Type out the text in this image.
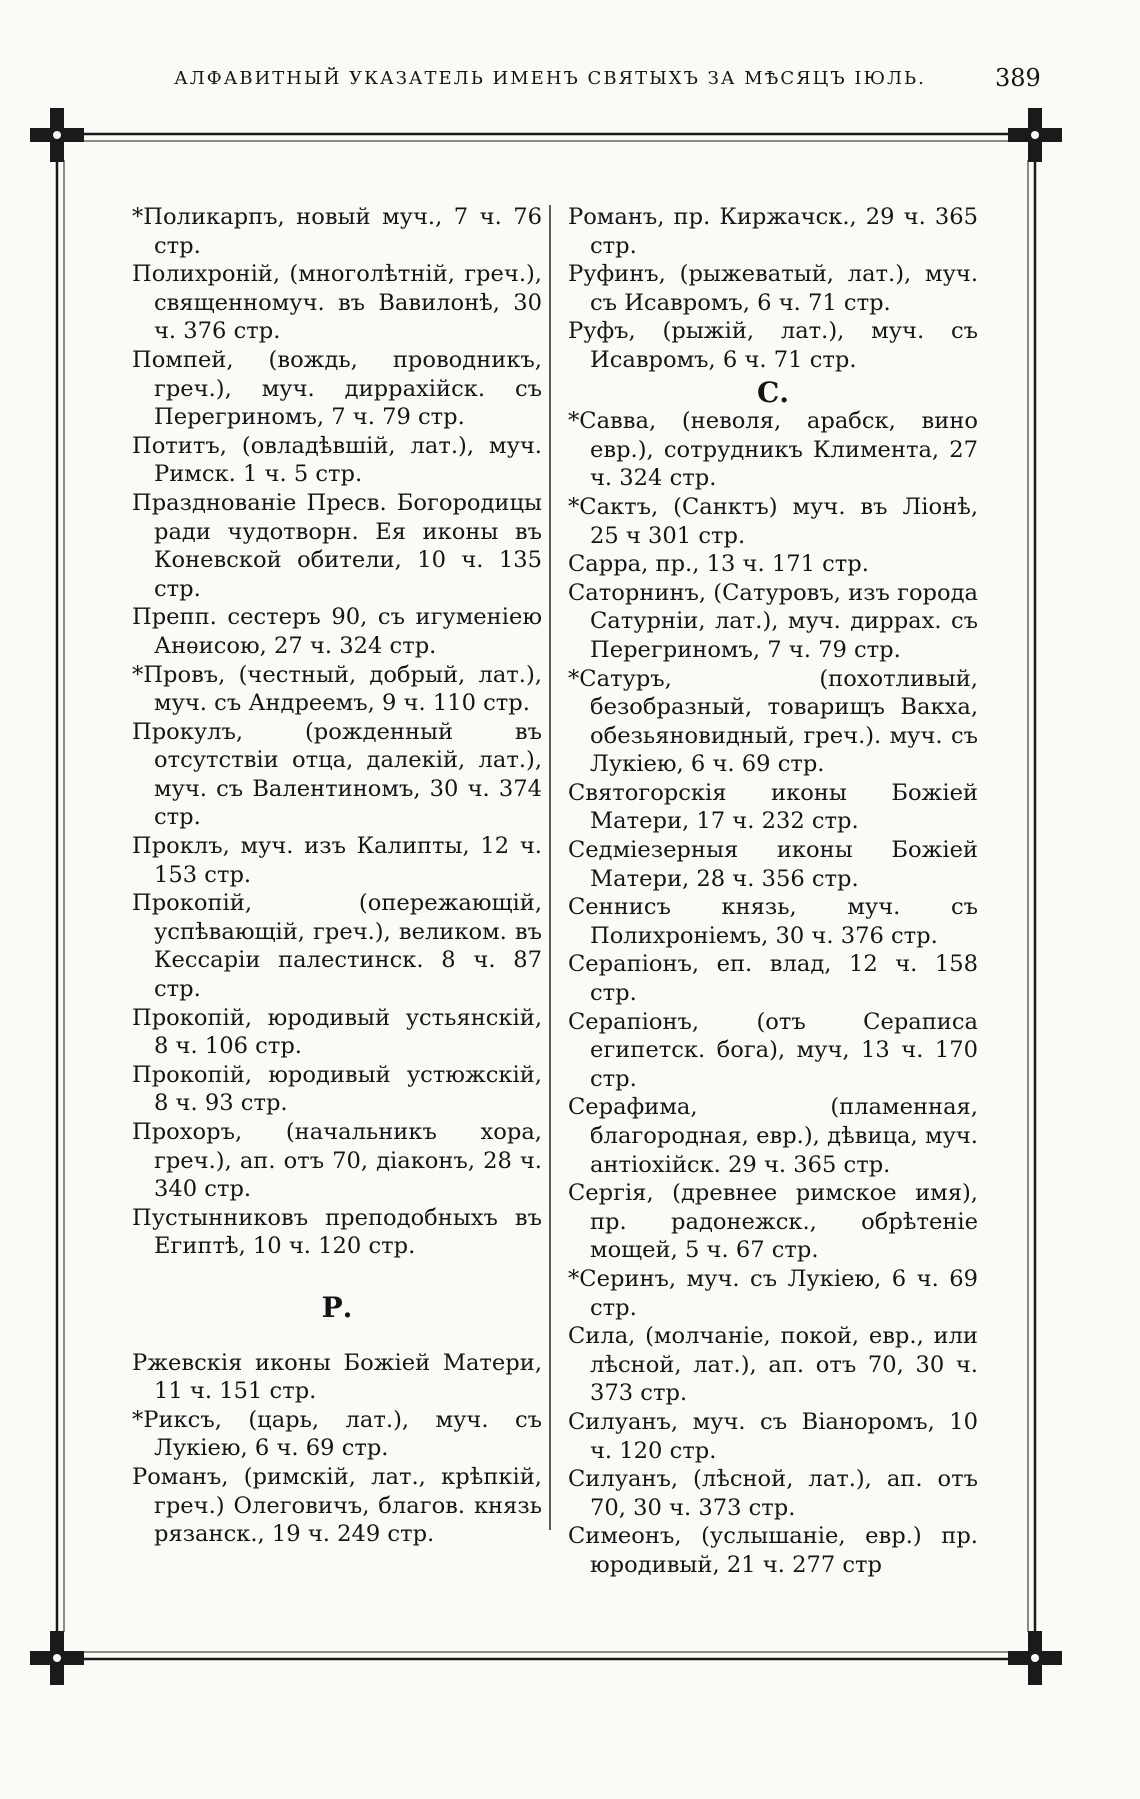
АЛФАВИТНЫЙ УКАЗАТЕЛЬ ИМЕНЪ СВЯТЫХЪ ЗА МѢСЯЦЪ ІЮЛЬ.	389

*Поликарпъ, новый муч., 7 ч. 76 стр.

Полихроній, (многолѣтній, греч.), священномуч. въ Вавилонѣ, 30 ч. 376 стр.

Помпей, (вождь, проводникъ, греч.), муч. диррахійск. съ Перегриномъ, 7 ч. 79 стр.

Потитъ, (овладѣвшій, лат.), муч. Римск. 1 ч. 5 стр.

Празднованіе Пресв. Богородицы ради чудотворн. Ея иконы въ Коневской обители, 10 ч. 135 стр.

Препп. сестеръ 90, съ игуменіею Анѳисою, 27 ч. 324 стр.

*Провъ, (честный, добрый, лат.), муч. съ Андреемъ, 9 ч. 110 стр.

Прокулъ, (рожденный въ отсутствіи отца, далекій, лат.), муч. съ Валентиномъ, 30 ч. 374 стр.

Проклъ, муч. изъ Калипты, 12 ч. 153 стр.

Прокопій, (опережающій, успѣвающій, греч.), великом. въ Кессаріи палестинск. 8 ч. 87 стр.

Прокопій, юродивый устьянскій, 8 ч. 106 стр.

Прокопій, юродивый устюжскій, 8 ч. 93 стр.

Прохоръ, (начальникъ хора, греч.), ап. отъ 70, діаконъ, 28 ч. 340 стр.

Пустынниковъ преподобныхъ въ Египтѣ, 10 ч. 120 стр.

Р.

Ржевскія иконы Божіей Матери, 11 ч. 151 стр.

*Риксъ, (царь, лат.), муч. съ Лукіею, 6 ч. 69 стр.

Романъ, (римскій, лат., крѣпкій, греч.) Олеговичъ, благов. князь рязанск., 19 ч. 249 стр.

Романъ, пр. Киржачск., 29 ч. 365 стр.

Руфинъ, (рыжеватый, лат.), муч. съ Исавромъ, 6 ч. 71 стр.

Руфъ, (рыжій, лат.), муч. съ Исавромъ, 6 ч. 71 стр.

С.

*Савва, (неволя, арабск, вино евр.), сотрудникъ Климента, 27 ч. 324 стр.

*Сактъ, (Санктъ) муч. въ Ліонѣ, 25 ч 301 стр.

Сарра, пр., 13 ч. 171 стр.

Саторнинъ, (Сатуровъ, изъ города Сатурніи, лат.), муч. диррах. съ Перегриномъ, 7 ч. 79 стр.

*Сатуръ, (похотливый, безобразный, товарищъ Вакха, обезьяновидный, греч.). муч. съ Лукіею, 6 ч. 69 стр.

Святогорскія иконы Божіей Матери, 17 ч. 232 стр.

Седміезерныя иконы Божіей Матери, 28 ч. 356 стр.

Сеннисъ князь, муч. съ Полихроніемъ, 30 ч. 376 стр.

Серапіонъ, еп. влад, 12 ч. 158 стр.

Серапіонъ, (отъ Сераписа египетск. бога), муч, 13 ч. 170 стр.

Серафима, (пламенная, благородная, евр.), дѣвица, муч. антіохійск. 29 ч. 365 стр.

Сергія, (древнее римское имя), пр. радонежск., обрѣтеніе мощей, 5 ч. 67 стр.

*Серинъ, муч. съ Лукіею, 6 ч. 69 стр.

Сила, (молчаніе, покой, евр., или лѣсной, лат.), ап. отъ 70, 30 ч. 373 стр.

Силуанъ, муч. съ Віанoромъ, 10 ч. 120 стр.

Силуанъ, (лѣсной, лат.), ап. отъ 70, 30 ч. 373 стр.

Симеонъ, (услышаніе, евр.) пр. юродивый, 21 ч. 277 стр
